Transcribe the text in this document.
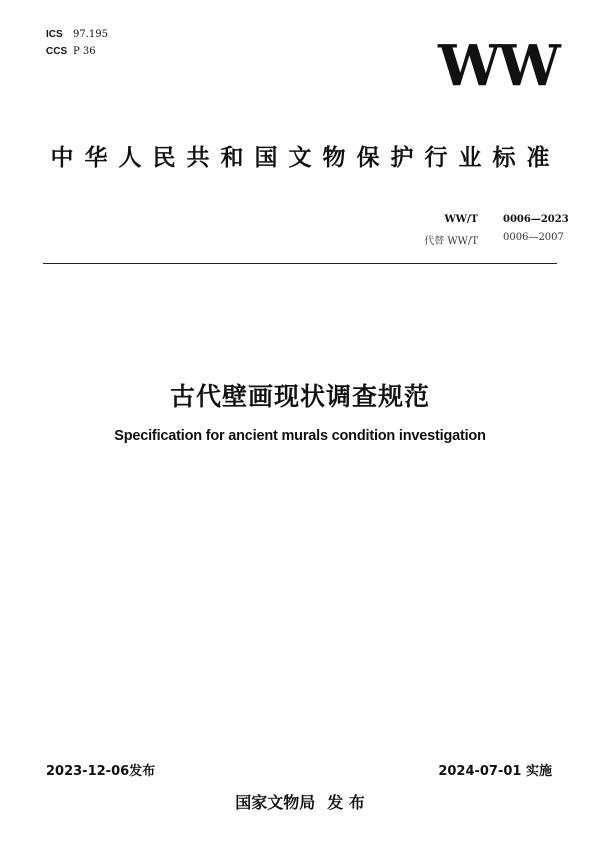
ICS	97.195
CCS P 36	WW
中华人民共和国文物保护行业标准
WW/T	0006—2023
代替 WW/T	0006—2007
古代壁画现状调查规范
Specification for ancient murals condition investigation
2023-12-06发布	2024-07-01 实施
国家文物局 发 布
